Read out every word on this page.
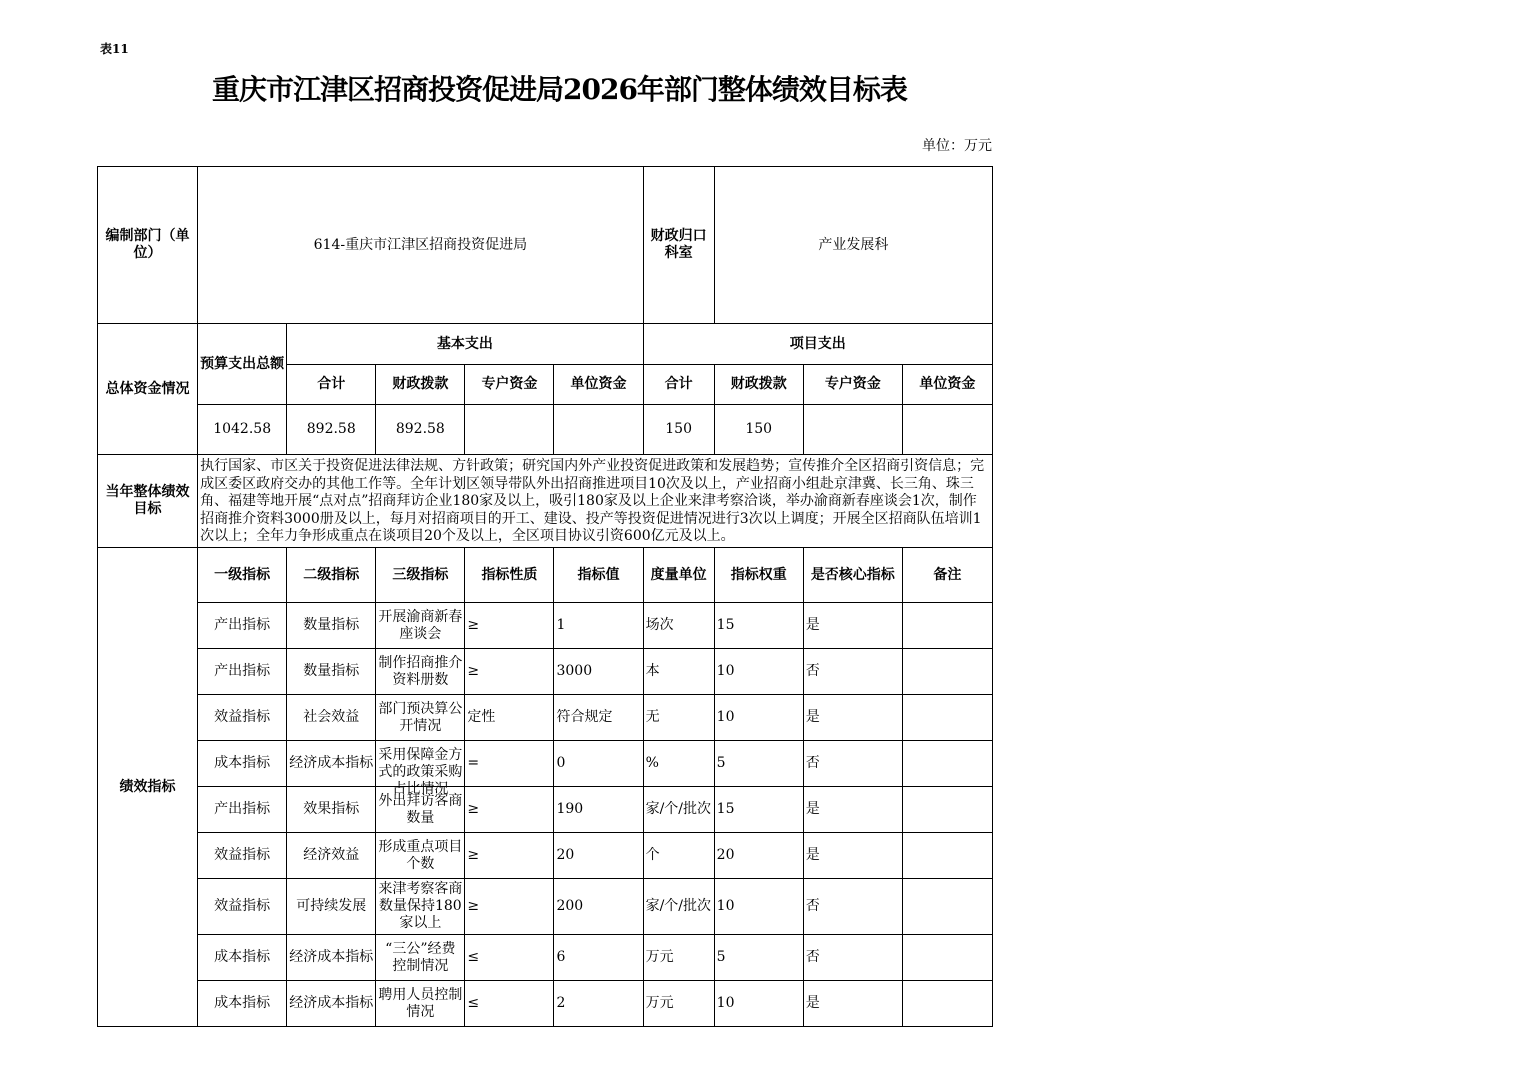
表11
重庆市江津区招商投资促进局2026年部门整体绩效目标表
单位：万元
编制部门（单位）	614-重庆市江津区招商投资促进局					财政归口科室	产业发展科		
总体资金情况	预算支出总额	基本支出				项目支出			
		合计	财政拨款	专户资金	单位资金	合计	财政拨款	专户资金	单位资金
	1042.58	892.58	892.58			150	150		
当年整体绩效目标	执行国家、市区关于投资促进法律法规、方针政策；研究国内外产业投资促进政策和发展趋势；宣传推介全区招商引资信息；完成区委区政府交办的其他工作等。全年计划区领导带队外出招商推进项目10次及以上，产业招商小组赴京津冀、长三角、珠三角、福建等地开展“点对点”招商拜访企业180家及以上，吸引180家及以上企业来津考察洽谈，举办渝商新春座谈会1次，制作招商推介资料3000册及以上，每月对招商项目的开工、建设、投产等投资促进情况进行3次以上调度；开展全区招商队伍培训1次以上；全年力争形成重点在谈项目20个及以上，全区项目协议引资600亿元及以上。								
绩效指标	一级指标	二级指标	三级指标	指标性质	指标值	度量单位	指标权重	是否核心指标	备注
	产出指标	数量指标	开展渝商新春座谈会	≥	1	场次	15	是	
	产出指标	数量指标	制作招商推介资料册数	≥	3000	本	10	否	
	效益指标	社会效益	部门预决算公开情况	定性	符合规定	无	10	是	
	成本指标	经济成本指标	采用保障金方式的政策采购占比情况	=	0	%	5	否	
	产出指标	效果指标	外出拜访客商数量	≥	190	家/个/批次	15	是	
	效益指标	经济效益	形成重点项目个数	≥	20	个	20	是	
	效益指标	可持续发展	来津考察客商数量保持180家以上	≥	200	家/个/批次	10	否	
	成本指标	经济成本指标	“三公”经费控制情况	≤	6	万元	5	否	
	成本指标	经济成本指标	聘用人员控制情况	≤	2	万元	10	是	
